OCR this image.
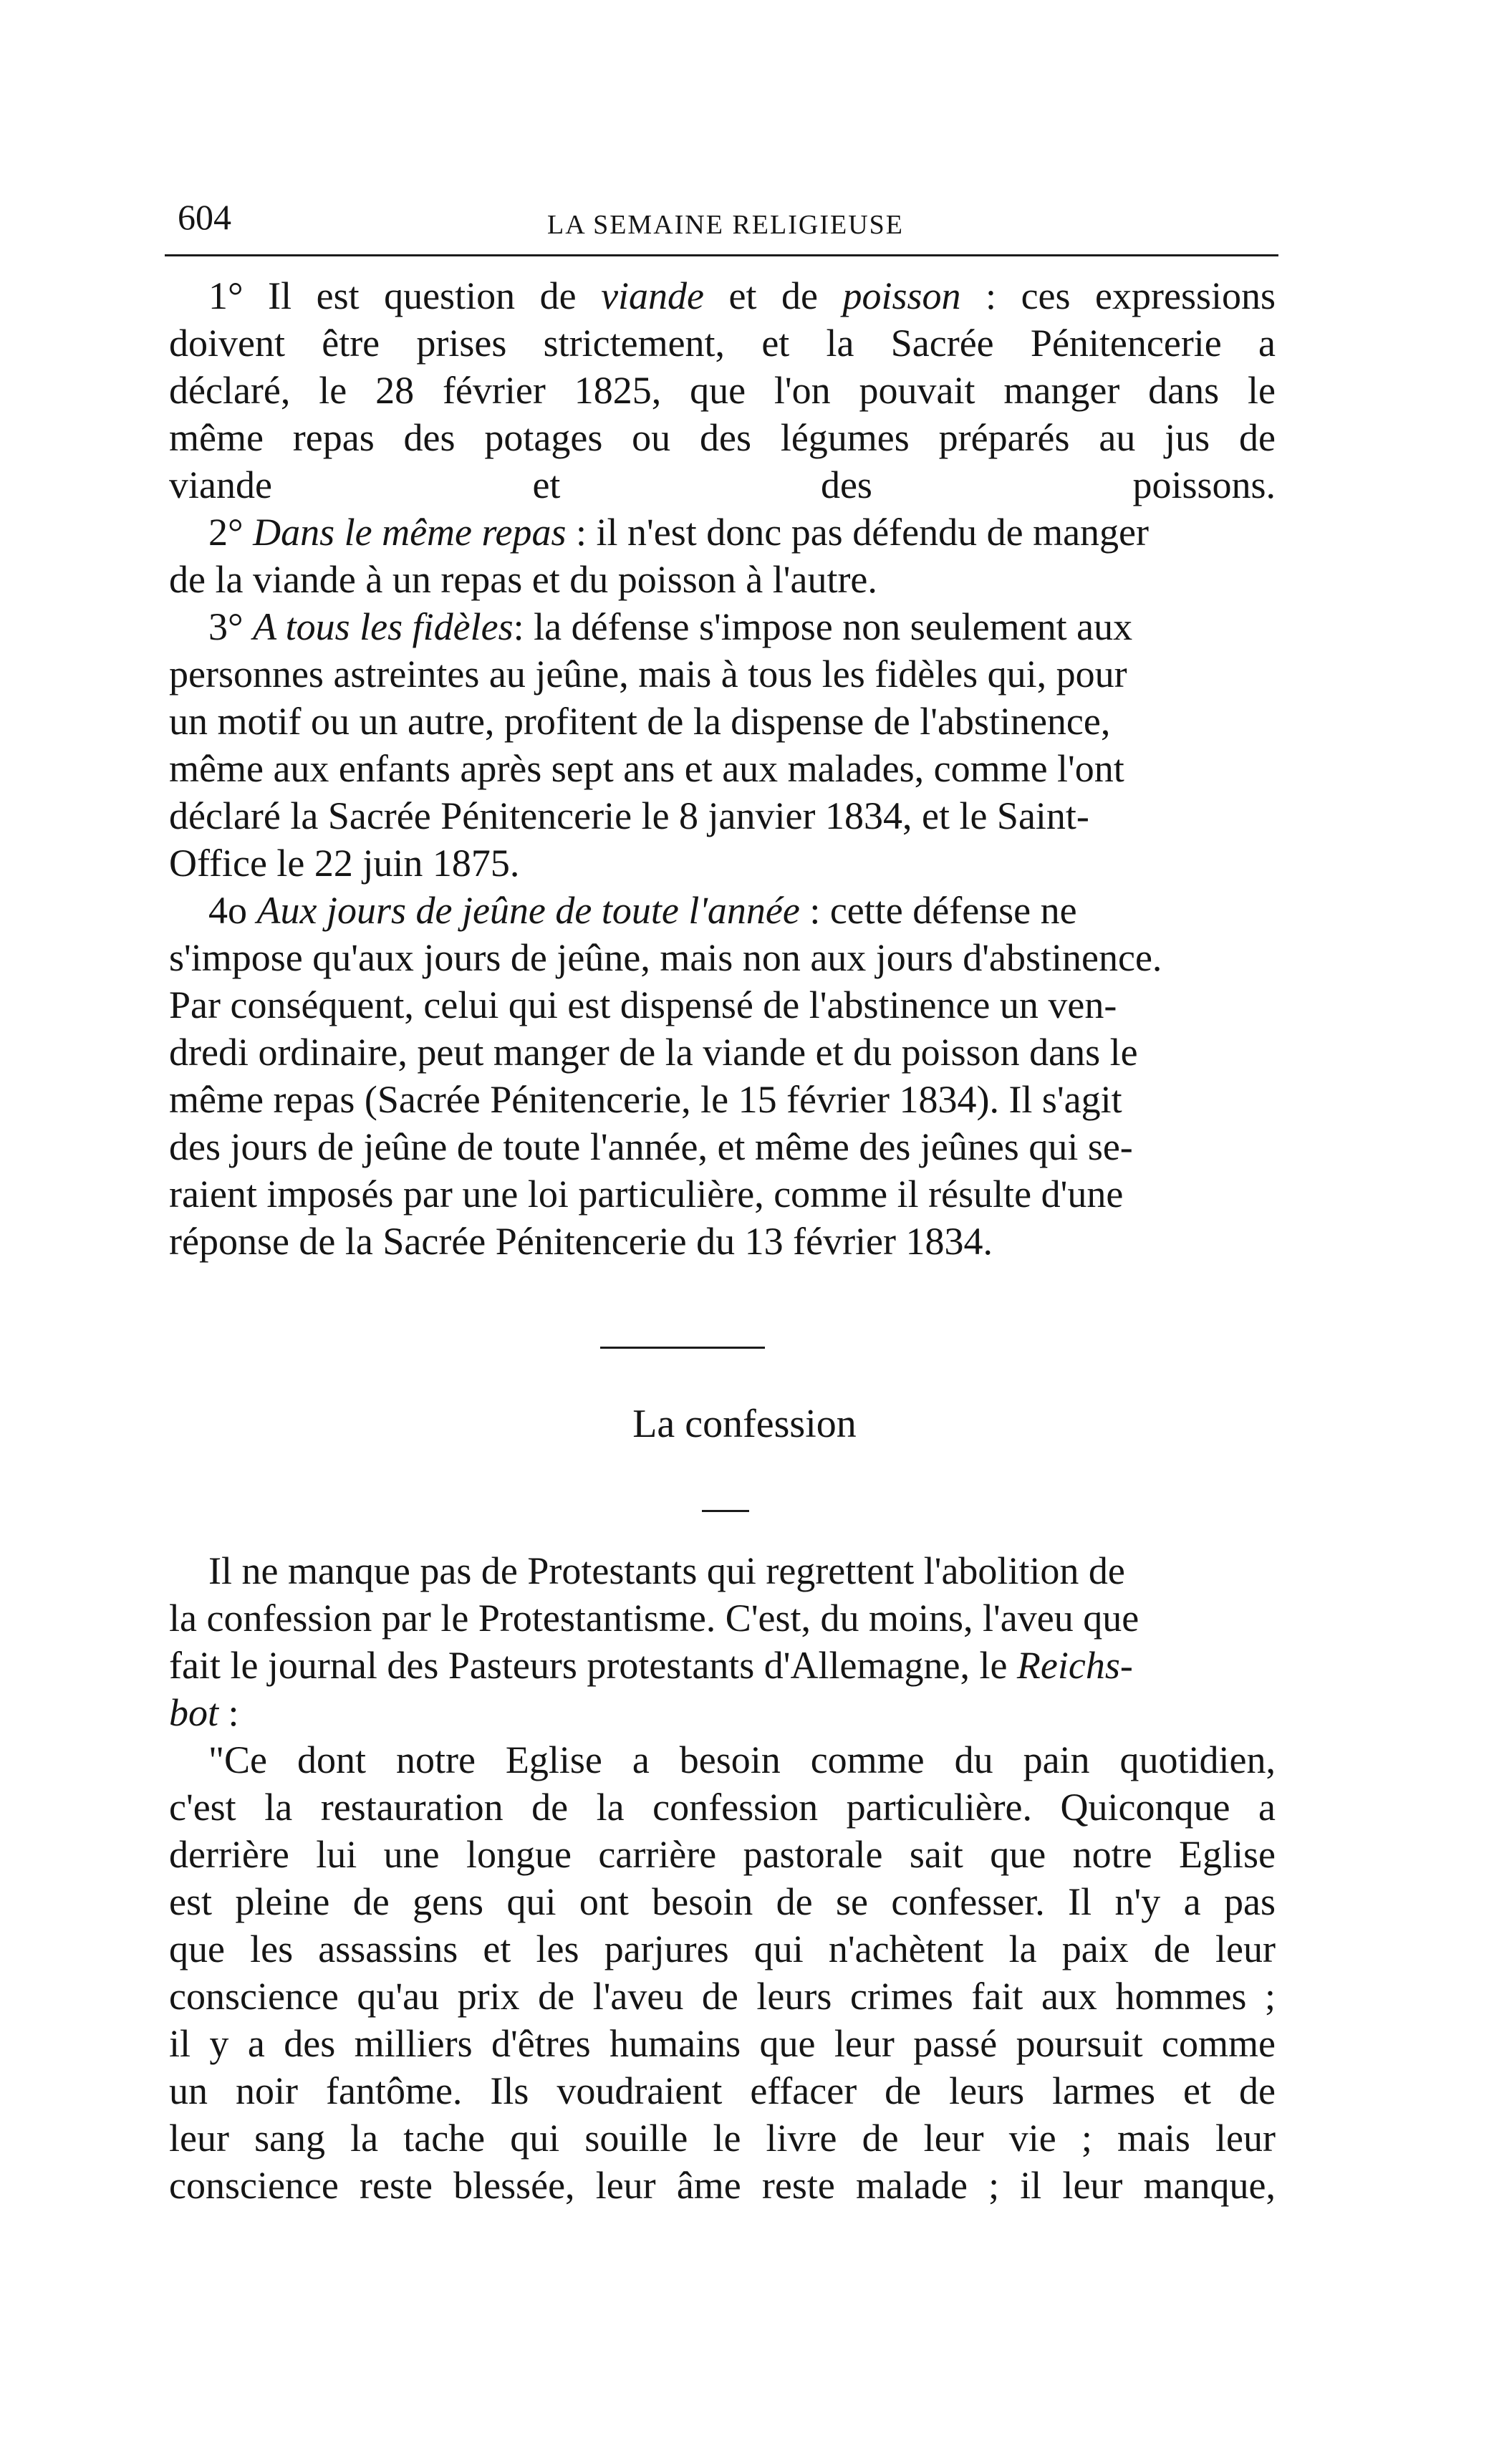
604	LA SEMAINE RELIGIEUSE

1° Il est question de viande et de poisson : ces expressions
doivent être prises strictement, et la Sacrée Pénitencerie a
déclaré, le 28 février 1825, que l'on pouvait manger dans le
même repas des potages ou des légumes préparés au jus de
viande et des poissons.

2° Dans le même repas : il n'est donc pas défendu de manger
de la viande à un repas et du poisson à l'autre.

3° A tous les fidèles: la défense s'impose non seulement aux
personnes astreintes au jeûne, mais à tous les fidèles qui, pour
un motif ou un autre, profitent de la dispense de l'abstinence,
même aux enfants après sept ans et aux malades, comme l'ont
déclaré la Sacrée Pénitencerie le 8 janvier 1834, et le Saint-
Office le 22 juin 1875.

4o Aux jours de jeûne de toute l'année : cette défense ne
s'impose qu'aux jours de jeûne, mais non aux jours d'abstinence.
Par conséquent, celui qui est dispensé de l'abstinence un ven-
dredi ordinaire, peut manger de la viande et du poisson dans le
même repas (Sacrée Pénitencerie, le 15 février 1834). Il s'agit
des jours de jeûne de toute l'année, et même des jeûnes qui se-
raient imposés par une loi particulière, comme il résulte d'une
réponse de la Sacrée Pénitencerie du 13 février 1834.

La confession

Il ne manque pas de Protestants qui regrettent l'abolition de
la confession par le Protestantisme. C'est, du moins, l'aveu que
fait le journal des Pasteurs protestants d'Allemagne, le Reichs-
bot :

"Ce dont notre Eglise a besoin comme du pain quotidien,
c'est la restauration de la confession particulière. Quiconque a
derrière lui une longue carrière pastorale sait que notre Eglise
est pleine de gens qui ont besoin de se confesser. Il n'y a pas
que les assassins et les parjures qui n'achètent la paix de leur
conscience qu'au prix de l'aveu de leurs crimes fait aux hommes ;
il y a des milliers d'êtres humains que leur passé poursuit comme
un noir fantôme. Ils voudraient effacer de leurs larmes et de
leur sang la tache qui souille le livre de leur vie ; mais leur
conscience reste blessée, leur âme reste malade ; il leur manque,
